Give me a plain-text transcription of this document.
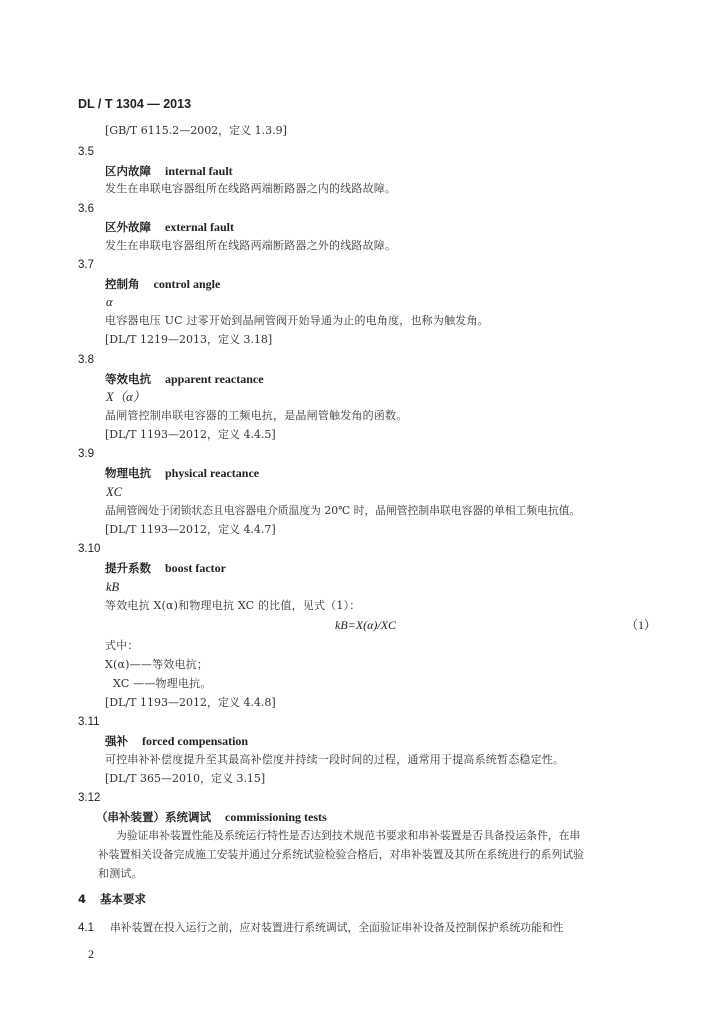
DL / T 1304 — 2013
[GB/T 6115.2—2002，定义 1.3.9]
3.5
区内故障 internal fault
发生在串联电容器组所在线路两端断路器之内的线路故障。
3.6
区外故障 external fault
发生在串联电容器组所在线路两端断路器之外的线路故障。
3.7
控制角 control angle
α
电容器电压 UC 过零开始到晶闸管阀开始导通为止的电角度，也称为触发角。
[DL/T 1219—2013，定义 3.18]
3.8
等效电抗 apparent reactance
X（α）
晶闸管控制串联电容器的工频电抗，是晶闸管触发角的函数。
[DL/T 1193—2012，定义 4.4.5]
3.9
物理电抗 physical reactance
XC
晶闸管阀处于闭锁状态且电容器电介质温度为 20℃ 时，晶闸管控制串联电容器的单相工频电抗值。
[DL/T 1193—2012，定义 4.4.7]
3.10
提升系数 boost factor
kB
等效电抗 X(α)和物理电抗 XC 的比值，见式（1）：
kB=X(α)/XC	（1）
式中：
X(α)——等效电抗；
XC ——物理电抗。
[DL/T 1193—2012，定义 4.4.8]
3.11
强补 forced compensation
可控串补补偿度提升至其最高补偿度并持续一段时间的过程，通常用于提高系统暂态稳定性。
[DL/T 365—2010，定义 3.15]
3.12
（串补装置）系统调试 commissioning tests
为验证串补装置性能及系统运行特性是否达到技术规范书要求和串补装置是否具备投运条件，在串
补装置相关设备完成施工安装并通过分系统试验检验合格后，对串补装置及其所在系统进行的系列试验
和测试。
4 基本要求
4.1 串补装置在投入运行之前，应对装置进行系统调试，全面验证串补设备及控制保护系统功能和性
2
